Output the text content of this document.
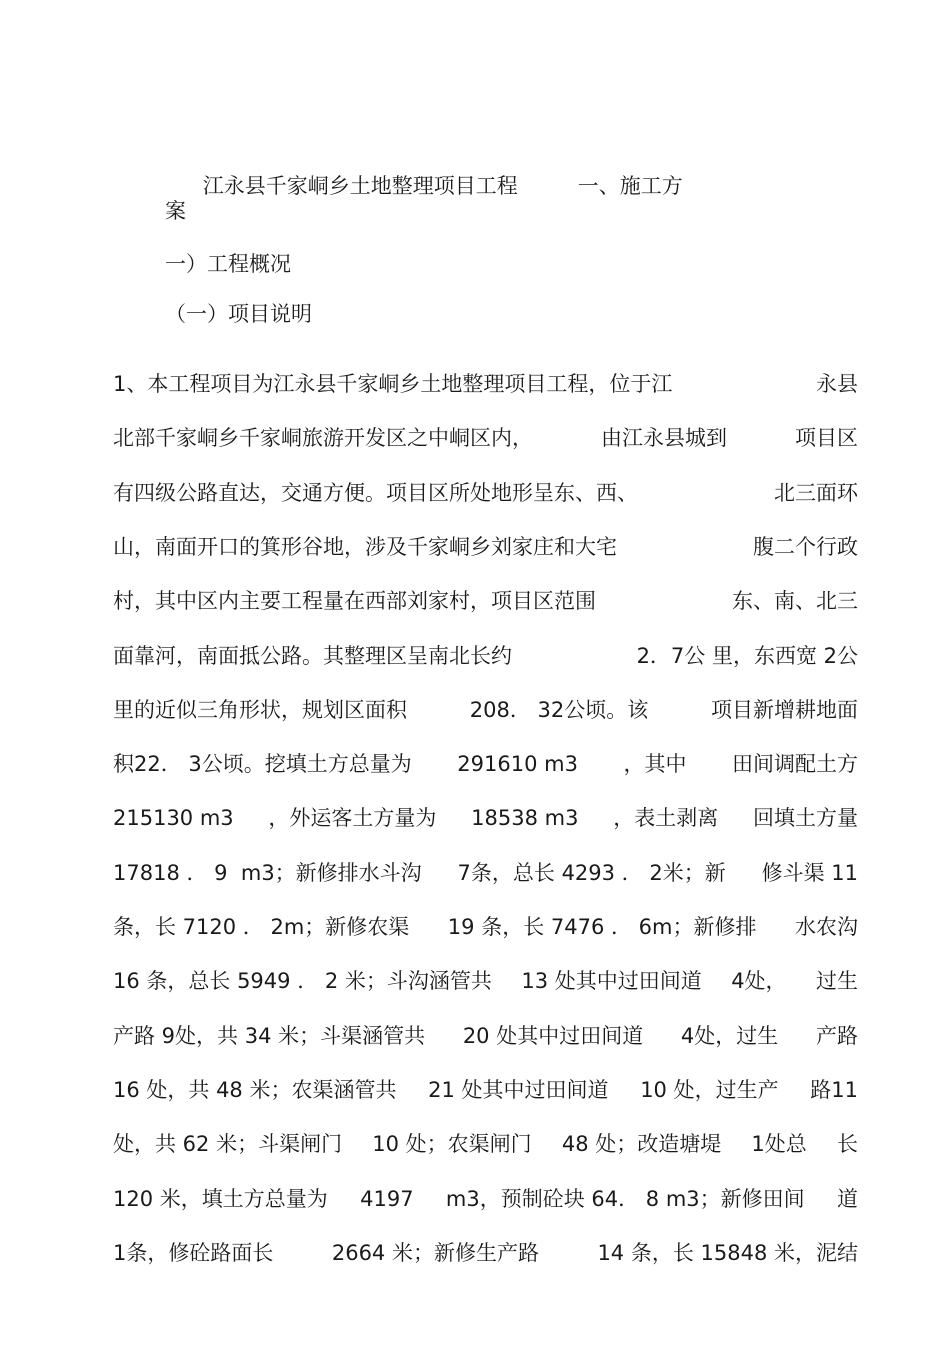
江永县千家峒乡土地整理项目工程	一、施工方

案
一）工程概况
（一）项目说明
1、本工程项目为江永县千家峒乡土地整理项目工程，位于江	永县
北部千家峒乡千家峒旅游开发区之中峒区内，	由江永县城到	项目区
有四级公路直达，交通方便。项目区所处地形呈东、西、	北三面环
山，南面开口的箕形谷地，涉及千家峒乡刘家庄和大宅	腹二个行政
村，其中区内主要工程量在西部刘家村，项目区范围	东、南、北三
面靠河，南面抵公路。其整理区呈南北长约	2．7公 里，东西宽 2公
里的近似三角形状，规划区面积	208． 32公顷。该	项目新增耕地面
积22． 3公顷。挖填土方总量为 291610 m3 ，其中 田间调配土方
215130 m3 ，外运客土方量为 18538 m3 ，表土剥离 回填土方量
17818 ． 9  m3；新修排水斗沟 7条，总长 4293 ． 2米；新 修斗渠 11
条，长 7120 ． 2m；新修农渠 19 条，长 7476 ． 6m；新修排 水农沟
16 条，总长 5949 ． 2 米；斗沟涵管共 13 处其中过田间道 4处， 过生
产路 9处，共 34 米；斗渠涵管共 20 处其中过田间道 4处，过生 产路
16 处，共 48 米；农渠涵管共 21 处其中过田间道 10 处，过生产 路11
处，共 62 米；斗渠闸门 10 处；农渠闸门 48 处；改造塘堤 1处总 长
120 米，填土方总量为 4197 m3，预制砼块 64． 8 m3；新修田间 道
1条，修砼路面长	2664 米；新修生产路	14 条，长 15848 米，泥结
